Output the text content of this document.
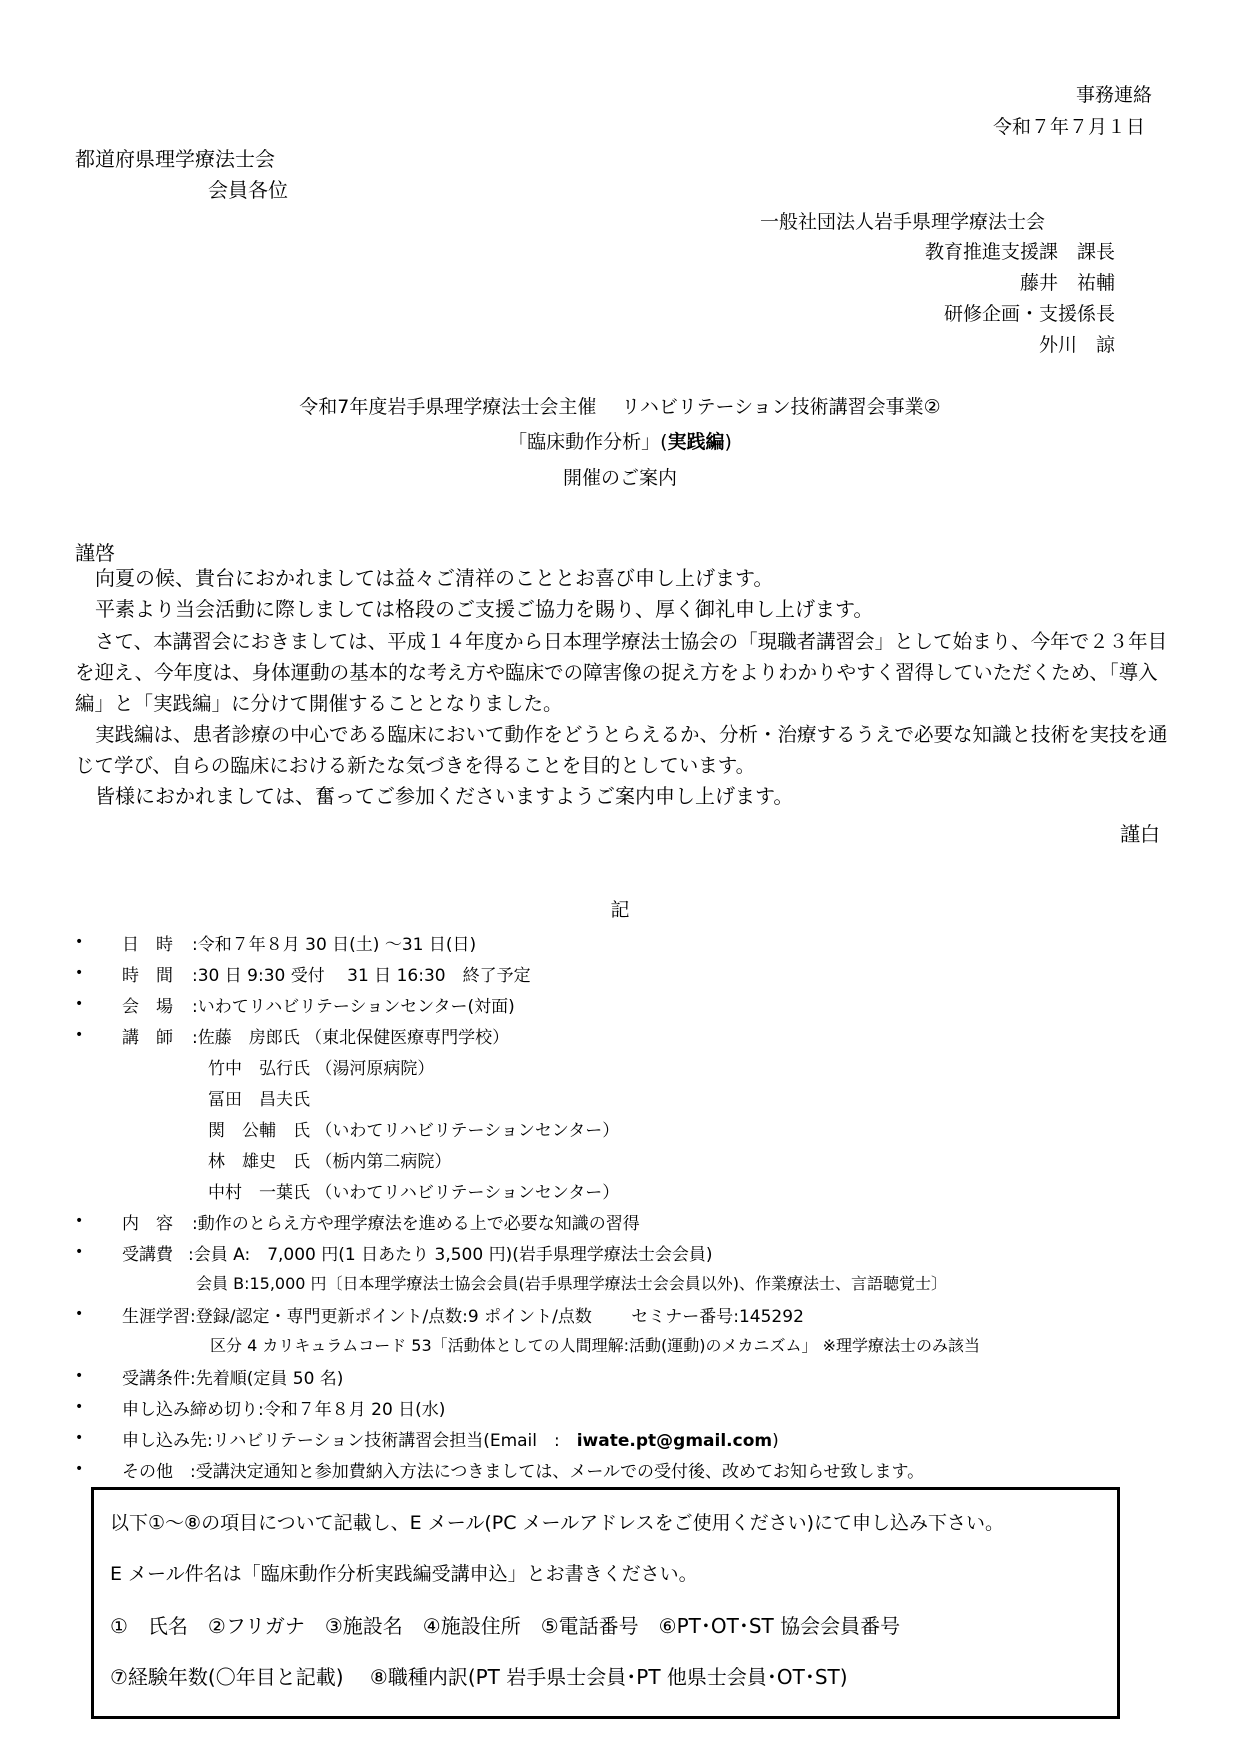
事務連絡
令和７年７月１日
都道府県理学療法士会
会員各位
一般社団法人岩手県理学療法士会
教育推進支援課　課長
藤井　祐輔
研修企画・支援係長
外川　諒
令和7年度岩手県理学療法士会主催　 リハビリテーション技術講習会事業②
「臨床動作分析」(実践編)
開催のご案内
謹啓
向夏の候、貴台におかれましては益々ご清祥のこととお喜び申し上げます。
平素より当会活動に際しましては格段のご支援ご協力を賜り、厚く御礼申し上げます。
さて、本講習会におきましては、平成１４年度から日本理学療法士協会の「現職者講習会」として始まり、今年で２３年目を迎え、今年度は、身体運動の基本的な考え方や臨床での障害像の捉え方をよりわかりやすく習得していただくため、「導入編」と「実践編」に分けて開催することとなりました。
実践編は、患者診療の中心である臨床において動作をどうとらえるか、分析・治療するうえで必要な知識と技術を実技を通じて学び、自らの臨床における新たな気づきを得ることを目的としています。
皆様におかれましては、奮ってご参加くださいますようご案内申し上げます。
謹白
記
• 日　時 :令和７年８月 30 日(土) ～31 日(日)
• 時　間 :30 日 9:30 受付　 31 日 16:30　終了予定
• 会　場 :いわてリハビリテーションセンター(対面)
• 講　師 :佐藤　房郎氏 （東北保健医療専門学校）
竹中　弘行氏 （湯河原病院）
冨田　昌夫氏
関　公輔　氏 （いわてリハビリテーションセンター）
林　雄史　氏 （栃内第二病院）
中村　一葉氏 （いわてリハビリテーションセンター）
• 内　容 :動作のとらえ方や理学療法を進める上で必要な知識の習得
• 受講費 :会員 A:　7,000 円(1 日あたり 3,500 円)(岩手県理学療法士会会員)
会員 B:15,000 円〔日本理学療法士協会会員(岩手県理学療法士会会員以外)、作業療法士、言語聴覚士〕
• 生涯学習 :登録/認定・専門更新ポイント/点数:9 ポイント/点数　　 セミナー番号:145292
区分 4 カリキュラムコード 53「活動体としての人間理解:活動(運動)のメカニズム」 ※理学療法士のみ該当
• 受講条件:先着順(定員 50 名)
• 申し込み締め切り:令和７年８月 20 日(水)
• 申し込み先:リハビリテーション技術講習会担当(Email　:　iwate.pt@gmail.com)
• その他 :受講決定通知と参加費納入方法につきましては、メールでの受付後、改めてお知らせ致します。
以下①～⑧の項目について記載し、E メール(PC メールアドレスをご使用ください)にて申し込み下さい。
E メール件名は「臨床動作分析実践編受講申込」とお書きください。
①　氏名　②フリガナ　③施設名　④施設住所　⑤電話番号　⑥PT･OT･ST 協会会員番号
⑦経験年数(〇年目と記載)　 ⑧職種内訳(PT 岩手県士会員･PT 他県士会員･OT･ST)
